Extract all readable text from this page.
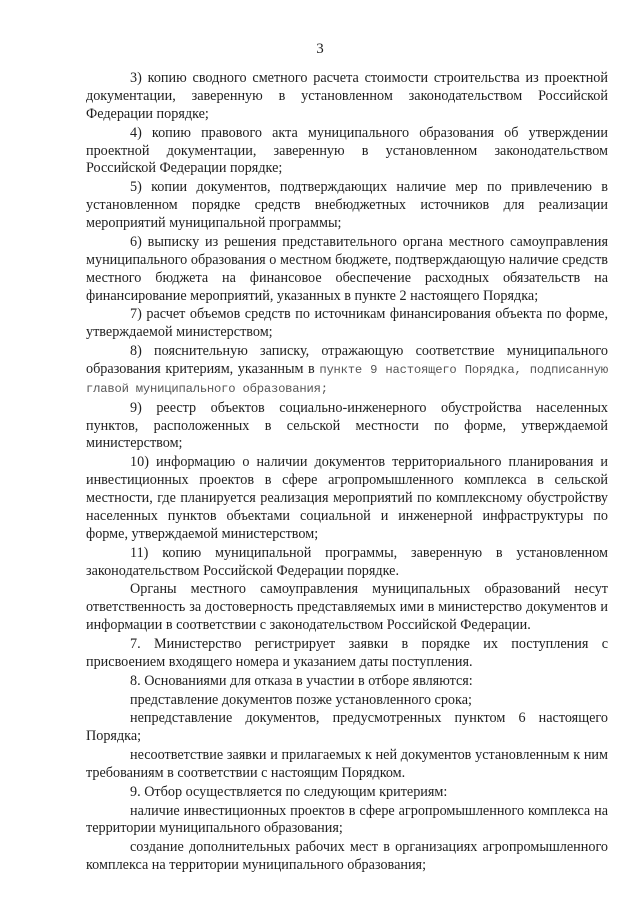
3

3) копию сводного сметного расчета стоимости строительства из проектной документации, заверенную в установленном законодательством Российской Федерации порядке;

4) копию правового акта муниципального образования об утверждении проектной документации, заверенную в установленном законодательством Российской Федерации порядке;

5) копии документов, подтверждающих наличие мер по привлечению в установленном порядке средств внебюджетных источников для реализации мероприятий муниципальной программы;

6) выписку из решения представительного органа местного самоуправления муниципального образования о местном бюджете, подтверждающую наличие средств местного бюджета на финансовое обеспечение расходных обязательств на финансирование мероприятий, указанных в пункте 2 настоящего Порядка;

7) расчет объемов средств по источникам финансирования объекта по форме, утверждаемой министерством;

8) пояснительную записку, отражающую соответствие муниципального образования критериям, указанным в пункте 9 настоящего Порядка, подписанную главой муниципального образования;

9) реестр объектов социально-инженерного обустройства населенных пунктов, расположенных в сельской местности по форме, утверждаемой министерством;

10) информацию о наличии документов территориального планирования и инвестиционных проектов в сфере агропромышленного комплекса в сельской местности, где планируется реализация мероприятий по комплексному обустройству населенных пунктов объектами социальной и инженерной инфраструктуры по форме, утверждаемой министерством;

11) копию муниципальной программы, заверенную в установленном законодательством Российской Федерации порядке.

Органы местного самоуправления муниципальных образований несут ответственность за достоверность представляемых ими в министерство документов и информации в соответствии с законодательством Российской Федерации.

7. Министерство регистрирует заявки в порядке их поступления с присвоением входящего номера и указанием даты поступления.

8. Основаниями для отказа в участии в отборе являются:

представление документов позже установленного срока;

непредставление документов, предусмотренных пунктом 6 настоящего Порядка;

несоответствие заявки и прилагаемых к ней документов установленным к ним требованиям в соответствии с настоящим Порядком.

9. Отбор осуществляется по следующим критериям:

наличие инвестиционных проектов в сфере агропромышленного комплекса на территории муниципального образования;

создание дополнительных рабочих мест в организациях агропромышленного комплекса на территории муниципального образования;
